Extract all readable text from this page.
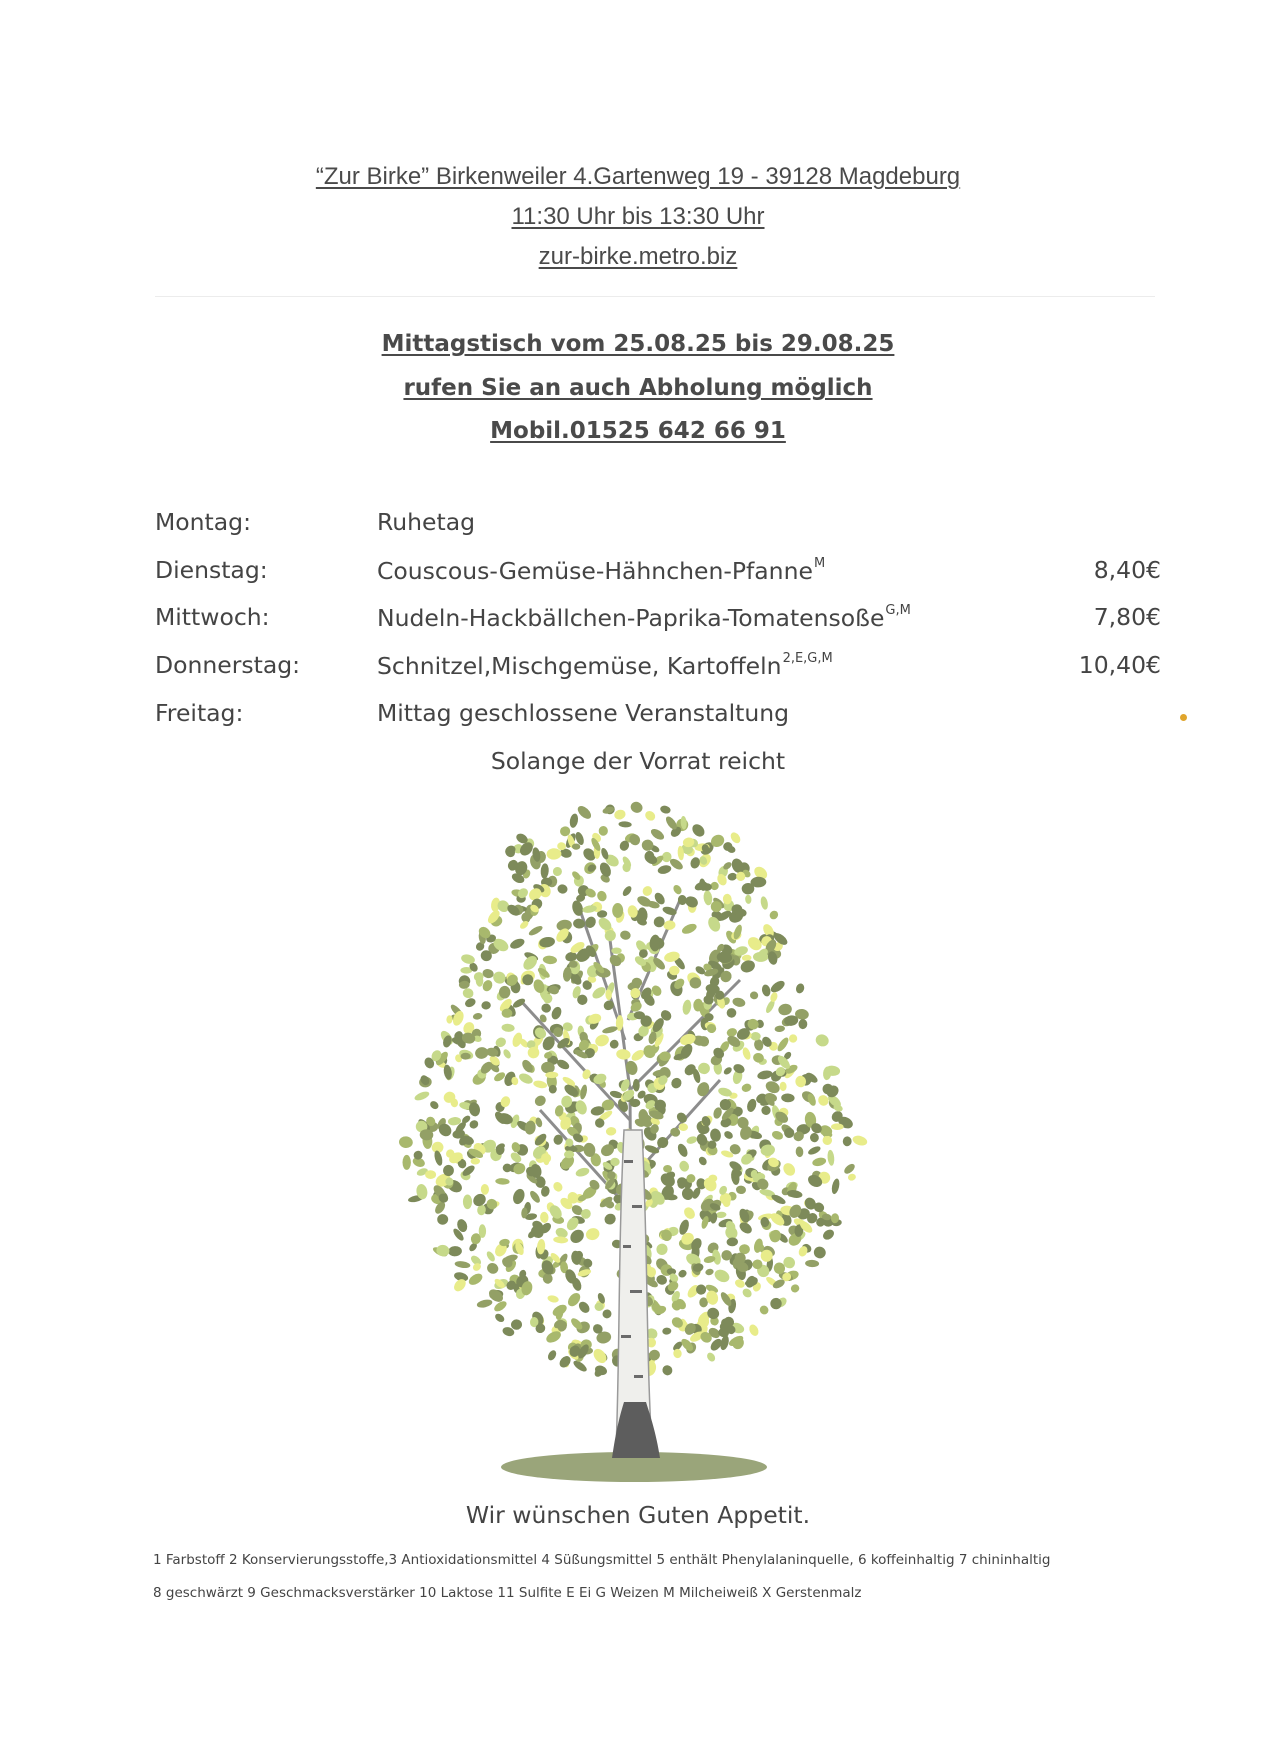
“Zur Birke” Birkenweiler 4.Gartenweg 19 - 39128 Magdeburg
11:30 Uhr bis 13:30 Uhr
zur-birke.metro.biz
Mittagstisch vom 25.08.25 bis 29.08.25
rufen Sie an auch Abholung möglich
Mobil.01525 642 66 91
Montag:	Ruhetag
Dienstag:	Couscous-Gemüse-Hähnchen-Pfanne$^M$	8,40€
Mittwoch:	Nudeln-Hackbällchen-Paprika-Tomatensoße$^{G,M}$	7,80€
Donnerstag:	Schnitzel,Mischgemüse, Kartoffeln$^{2,E,G,M}$	10,40€
Freitag:	Mittag geschlossene Veranstaltung
Solange der Vorrat reicht
Wir wünschen Guten Appetit.
1 Farbstoff 2 Konservierungsstoffe,3 Antioxidationsmittel 4 Süßungsmittel 5 enthält Phenylalaninquelle, 6 koffeinhaltig 7 chininhaltig
8 geschwärzt 9 Geschmacksverstärker 10 Laktose 11 Sulfite E Ei G Weizen M Milcheiweiß X Gerstenmalz
